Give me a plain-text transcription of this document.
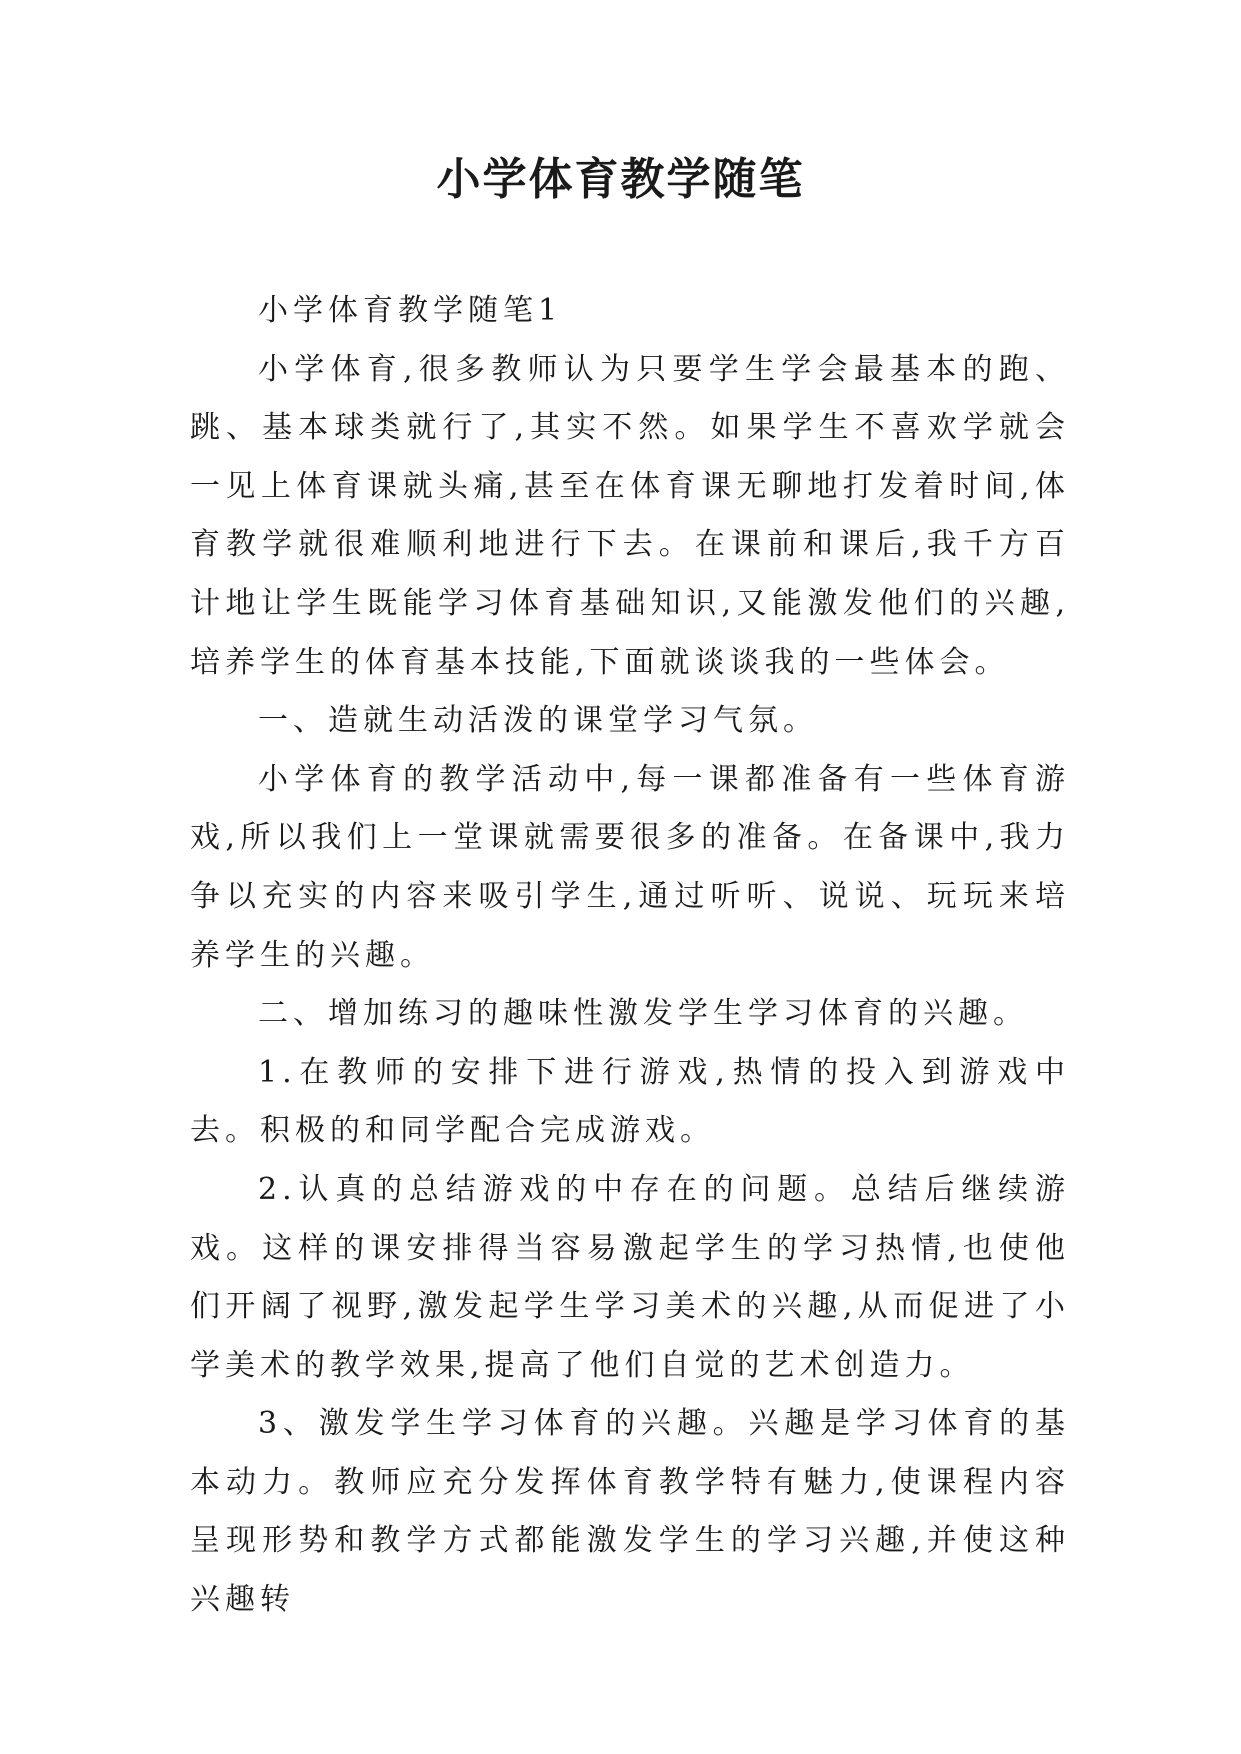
小学体育教学随笔

小学体育教学随笔1

小学体育,很多教师认为只要学生学会最基本的跑、跳、基本球类就行了,其实不然。如果学生不喜欢学就会一见上体育课就头痛,甚至在体育课无聊地打发着时间,体育教学就很难顺利地进行下去。在课前和课后,我千方百计地让学生既能学习体育基础知识,又能激发他们的兴趣,培养学生的体育基本技能,下面就谈谈我的一些体会。

一、造就生动活泼的课堂学习气氛。

小学体育的教学活动中,每一课都准备有一些体育游戏,所以我们上一堂课就需要很多的准备。在备课中,我力争以充实的内容来吸引学生,通过听听、说说、玩玩来培养学生的兴趣。

二、增加练习的趣味性激发学生学习体育的兴趣。

1.在教师的安排下进行游戏,热情的投入到游戏中去。积极的和同学配合完成游戏。

2.认真的总结游戏的中存在的问题。总结后继续游戏。这样的课安排得当容易激起学生的学习热情,也使他们开阔了视野,激发起学生学习美术的兴趣,从而促进了小学美术的教学效果,提高了他们自觉的艺术创造力。

3、激发学生学习体育的兴趣。兴趣是学习体育的基本动力。教师应充分发挥体育教学特有魅力,使课程内容呈现形势和教学方式都能激发学生的学习兴趣,并使这种兴趣转
